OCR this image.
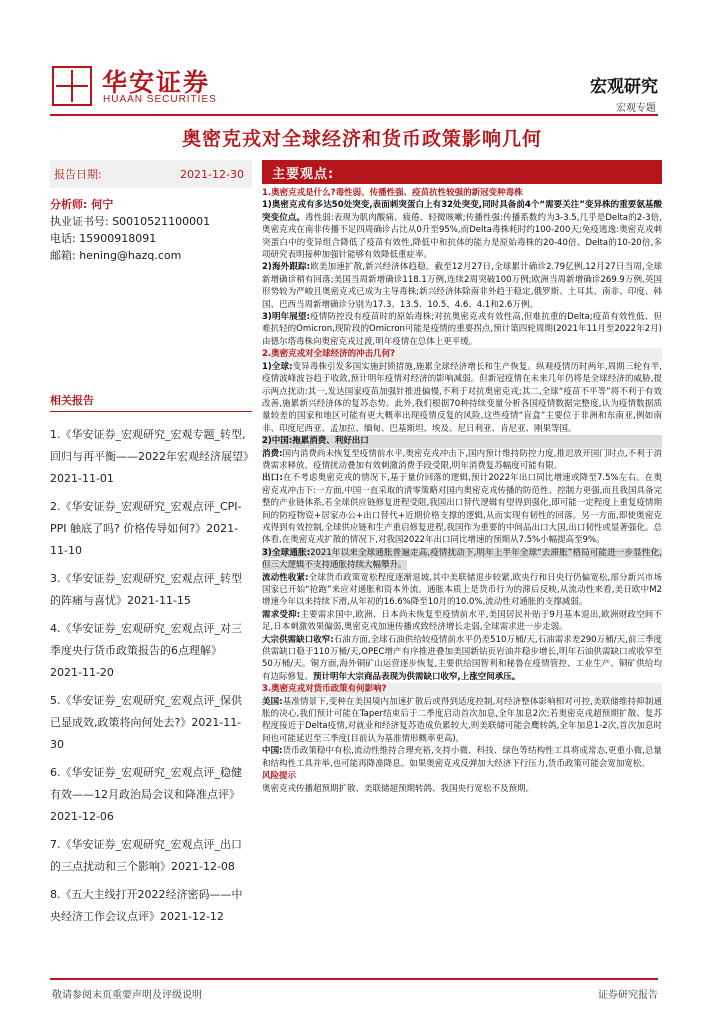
华安证券
HUAAN SECURITIES
宏观研究
宏观专题
奥密克戎对全球经济和货币政策影响几何
报告日期:	2021-12-30
分析师: 何宁
执业证书号: S0010521100001
电话: 15900918091
邮箱: hening@hazq.com
相关报告
1.《华安证券_宏观研究_宏观专题_转型,回归与再平衡——2022年宏观经济展望》2021-11-01
2.《华安证券_宏观研究_宏观点评_CPI-PPI 触底了吗? 价格传导如何?》2021-11-10
3.《华安证券_宏观研究_宏观点评_转型的阵痛与喜忧》2021-11-15
4.《华安证券_宏观研究_宏观点评_对三季度央行货币政策报告的6点理解》2021-11-20
5.《华安证券_宏观研究_宏观点评_保供已显成效,政策将向何处去?》2021-11-30
6.《华安证券_宏观研究_宏观点评_稳健有效——12月政治局会议和降准点评》2021-12-06
7.《华安证券_宏观研究_宏观点评_出口的三点扰动和三个影响》2021-12-08
8.《五大主线打开2022经济密码——中央经济工作会议点评》2021-12-12
主要观点:

1.奥密克戎是什么?毒性弱、传播性强、疫苗抗性较强的新冠变种毒株

1)奥密克戎有多达50处突变,表面刺突蛋白上有32处突变,同时具备前4个“需要关注”变异株的重要氨基酸突变位点。毒性弱:表现为肌肉酸痛、疲倦、轻微咳嗽;传播性强:传播系数约为3-3.5,几乎是Delta的2-3倍,奥密克戎在南非传播不足四周确诊占比从0升至95%,而Delta毒株耗时约100-200天;免疫逃逸:奥密克戎刺突蛋白中的变异组合降低了疫苗有效性,降低中和抗体的能力是原始毒株的20-40倍、Delta的10-20倍,多项研究表明接种加强针能够有效降低重症率。

2)海外跟踪:欧美加速扩散,新兴经济体趋稳。截至12月27日,全球累计确诊2.79亿例,12月27日当周,全球新增确诊稍有回落;美国当周新增确诊118.1万例,连续2周突破100万例;欧洲当周新增确诊269.9万例,英国形势较为严峻且奥密克戎已成为主导毒株;新兴经济体除南非外趋于稳定,俄罗斯、土耳其、南非、印度、韩国、巴西当周新增确诊分别为17.3、13.5、10.5、4.6、4.1和2.6万例。

3)明年展望:疫情防控没有疫苗时的原始毒株;对抗奥密克戎有效性高,但难抗重的Delta;疫苗有效性低、但难抗轻的Omicron,现阶段的Omicron可能是疫情的重要拐点,预计第四轮周期(2021年11月至2022年2月)由德尔塔毒株向奥密克戎过渡,明年疫情在总体上更平缓。

2.奥密克戎对全球经济的冲击几何?

1)全球:变异毒株引发多国实施封锁措施,施累全球经济增长和生产恢复。纵观疫情历时两年,周期三轮有半,疫情波峰波谷趋于收敛,预计明年疫情对经济的影响减弱。但新冠疫情在未来几年仍将是全球经济的威胁,提示两点扰动:其一,发达国家疫苗加强针推进偏慢,不利于对抗奥密克戎;其二,全球“疫苗不平等”将不利于有效改善,施累新兴经济体的复苏态势。此外,我们根据70种持续变量分析各国疫情数据完整度,认为疫情数据质量较差的国家和地区可能有更大概率出现疫情反复的风险,这些疫情“盲盒”主要位于非洲和东南亚,例如南非、印度尼西亚、孟加拉、缅甸、巴基斯坦、埃及、尼日利亚、肯尼亚、刚果等国。

2)中国:拖累消费、利好出口

消费:国内消费尚未恢复至疫情前水平,奥密克戎冲击下,国内预计维持防控力度,推迟放开国门时点,不利于消费需求释放。疫情扰动叠加有效刺激消费手段受限,明年消费复苏幅度可能有限。

出口:在不考虑奥密克戎的情况下,基于量价回落的逻辑,预计2022年出口同比增速或降至7.5%左右。在奥密克戎冲击下:一方面,中国一直采取的清零策略对国内奥密克戎传播的防范性、控制力更强,而且我国具备完整的产业链体系,若全球供应链修复进程受阻,我国出口替代逻辑有望得到强化,即可能一定程度上重复疫情期间的防疫物资+居家办公+出口替代+近期价格支撑的逻辑,从而实现有韧性的回落。另一方面,即使奥密克戎得到有效控制,全球供应链和生产重启修复进程,我国作为重要的中间品出口大国,出口韧性或显著强化。总体看,在奥密克戎扩散的情况下,对我国2022年出口同比增速的预期从7.5%小幅提高至9%。

3)全球通胀:2021年以来全球通胀普遍走高,疫情扰动下,明年上半年全球“去滞胀”格局可能进一步显性化,但三大逻辑不支持通胀持续大幅攀升。

流动性收紧:全球货币政策宽松程度逐渐退坡,其中美联储退步较紧,欧央行和日央行仍偏宽松,部分新兴市场国家已开始“抢跑”来应对通胀和资本外流。通胀本质上是货币行为的滞后反映,从流动性来看,美日欧中M2增速今年以来持续下滑,从年初的16.6%降至10月的10.0%,流动性对通胀的支撑减弱。

需求受抑:主要需求国中,欧洲、日本尚未恢复至疫情前水平,美国居民补贴于9月基本退出,欧洲财政空间不足,日本刺激效果偏弱,奥密克戎加速传播或致经济增长走弱,全球需求进一步走弱。

大宗供需缺口收窄:石油方面,全球石油供给较疫情前水平仍差510万桶/天,石油需求差290万桶/天,前三季度供需缺口稳于110万桶/天,OPEC增产有序推进叠加美国新钻页岩油井稳步增长,明年石油供需缺口或收窄至50万桶/天。铜方面,海外铜矿山运营逐步恢复,主要供给国智利和秘鲁在疫情管控、工业生产、铜矿供给均有边际修复。预计明年大宗商品表现为供需缺口收窄,上涨空间承压。

3.奥密克戎对货币政策有何影响?

美国:基准情景下,变种在美国境内加速扩散后或得到适度控制,对经济整体影响相对可控,美联储维持抑制通胀的决心,我们预计可能在Taper结束后于二季度启动首次加息,全年加息2次;若奥密克戎超预期扩散、复苏程度接近于Delta疫情,对就业和经济复苏造成负累较大,则美联储可能会鹰转鸽,全年加息1-2次,首次加息时间也可能延迟至三季度(目前认为基准情形概率更高)。

中国:货币政策稳中有松,流动性维持合理充裕,支持小微、科技、绿色等结构性工具将成常态,更重小微,总量和结构性工具并举,也可能再降准降息。如果奥密克戎反弹加大经济下行压力,货币政策可能会宽加宽松。

风险提示

奥密克戎传播超预期扩散、美联储超预期转鸽、我国央行宽松不及预期。

敬请参阅末页重要声明及评级说明	证券研究报告
